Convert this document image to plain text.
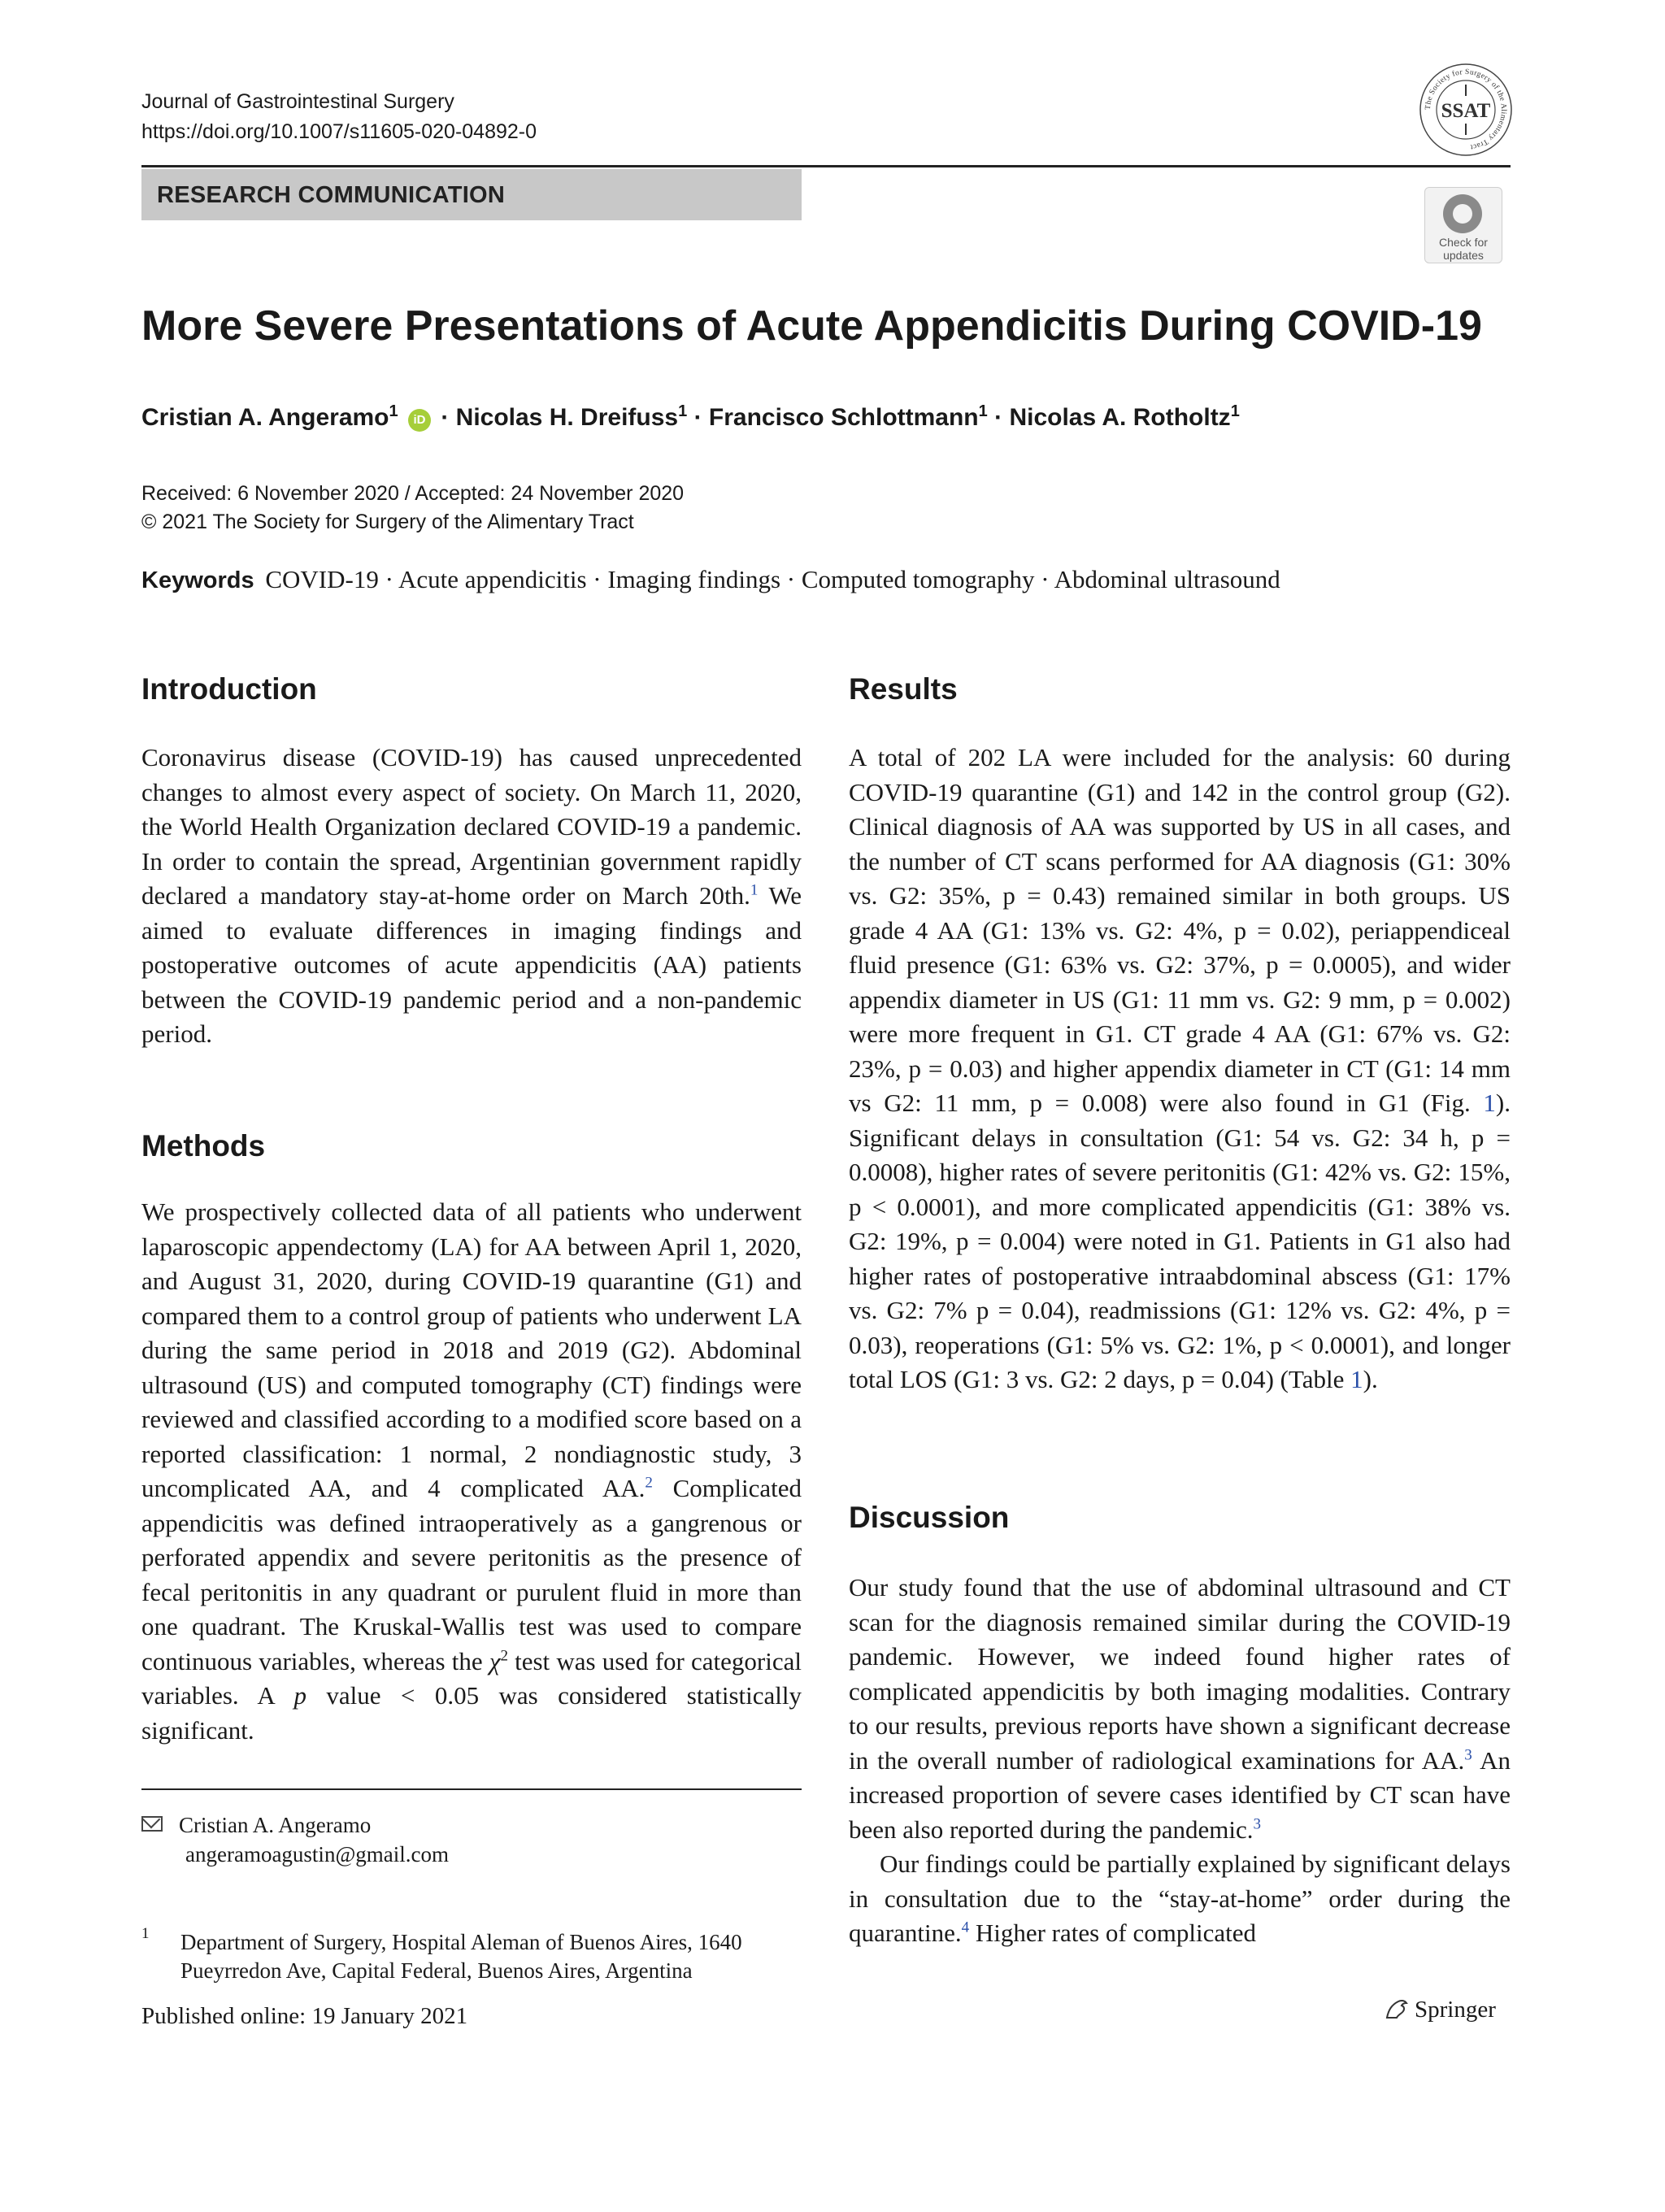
Journal of Gastrointestinal Surgery
https://doi.org/10.1007/s11605-020-04892-0
RESEARCH COMMUNICATION
The Society for Surgery of the Alimentary Tract
SSAT
Check for updates
More Severe Presentations of Acute Appendicitis During COVID-19
Cristian A. Angeramo$^1$ iD · Nicolas H. Dreifuss$^1$ · Francisco Schlottmann$^1$ · Nicolas A. Rotholtz$^1$
Received: 6 November 2020 / Accepted: 24 November 2020
© 2021 The Society for Surgery of the Alimentary Tract
Keywords COVID-19 · Acute appendicitis · Imaging findings · Computed tomography · Abdominal ultrasound
Introduction

Coronavirus disease (COVID-19) has caused unprecedented changes to almost every aspect of society. On March 11, 2020, the World Health Organization declared COVID-19 a pandemic. In order to contain the spread, Argentinian government rapidly declared a mandatory stay-at-home order on March 20th.$^1$ We aimed to evaluate differences in imaging findings and postoperative outcomes of acute appendicitis (AA) patients between the COVID-19 pandemic period and a non-pandemic period.

Methods

We prospectively collected data of all patients who underwent laparoscopic appendectomy (LA) for AA between April 1, 2020, and August 31, 2020, during COVID-19 quarantine (G1) and compared them to a control group of patients who underwent LA during the same period in 2018 and 2019 (G2). Abdominal ultrasound (US) and computed tomography (CT) findings were reviewed and classified according to a modified score based on a reported classification: 1 normal, 2 nondiagnostic study, 3 uncomplicated AA, and 4 complicated AA.$^2$ Complicated appendicitis was defined intraoperatively as a gangrenous or perforated appendix and severe peritonitis as the presence of fecal peritonitis in any quadrant or purulent fluid in more than one quadrant. The Kruskal-Wallis test was used to compare continuous variables, whereas the $\chi^2$ test was used for categorical variables. A p value < 0.05 was considered statistically significant.

Cristian A. Angeramo
angeramoagustin@gmail.com
1 Department of Surgery, Hospital Aleman of Buenos Aires, 1640 Pueyrredon Ave, Capital Federal, Buenos Aires, Argentina
Results

A total of 202 LA were included for the analysis: 60 during COVID-19 quarantine (G1) and 142 in the control group (G2). Clinical diagnosis of AA was supported by US in all cases, and the number of CT scans performed for AA diagnosis (G1: 30% vs. G2: 35%, p = 0.43) remained similar in both groups. US grade 4 AA (G1: 13% vs. G2: 4%, p = 0.02), periappendiceal fluid presence (G1: 63% vs. G2: 37%, p = 0.0005), and wider appendix diameter in US (G1: 11 mm vs. G2: 9 mm, p = 0.002) were more frequent in G1. CT grade 4 AA (G1: 67% vs. G2: 23%, p = 0.03) and higher appendix diameter in CT (G1: 14 mm vs G2: 11 mm, p = 0.008) were also found in G1 (Fig. 1). Significant delays in consultation (G1: 54 vs. G2: 34 h, p = 0.0008), higher rates of severe peritonitis (G1: 42% vs. G2: 15%, p < 0.0001), and more complicated appendicitis (G1: 38% vs. G2: 19%, p = 0.004) were noted in G1. Patients in G1 also had higher rates of postoperative intraabdominal abscess (G1: 17% vs. G2: 7% p = 0.04), readmissions (G1: 12% vs. G2: 4%, p = 0.03), reoperations (G1: 5% vs. G2: 1%, p < 0.0001), and longer total LOS (G1: 3 vs. G2: 2 days, p = 0.04) (Table 1).

Discussion

Our study found that the use of abdominal ultrasound and CT scan for the diagnosis remained similar during the COVID-19 pandemic. However, we indeed found higher rates of complicated appendicitis by both imaging modalities. Contrary to our results, previous reports have shown a significant decrease in the overall number of radiological examinations for AA.$^3$ An increased proportion of severe cases identified by CT scan have been also reported during the pandemic.$^3$

Our findings could be partially explained by significant delays in consultation due to the “stay-at-home” order during the quarantine.$^4$ Higher rates of complicated

Published online: 19 January 2021	Springer
